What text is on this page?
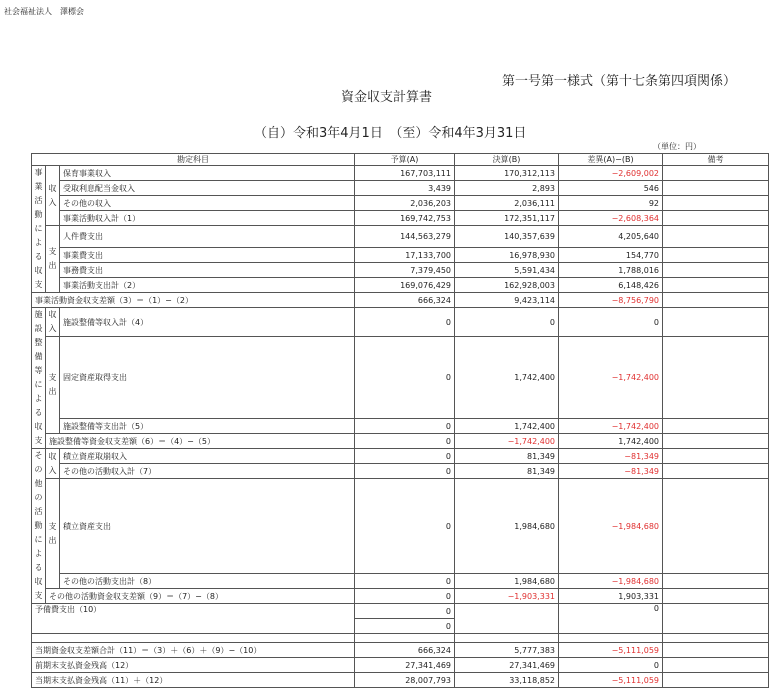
社会福祉法人　澤標会
第一号第一様式（第十七条第四項関係）
資金収支計算書
（自）令和3年4月1日　（至）令和4年3月31日
（単位：円）
勘定科目			予算(A)	決算(B)	差異(A)−(B)	備考
事業活動による収支	収入	保育事業収入	167,703,111	170,312,113	−2,609,002	
		受取利息配当金収入	3,439	2,893	546	
		その他の収入	2,036,203	2,036,111	92	
		事業活動収入計（1）	169,742,753	172,351,117	−2,608,364	
	支出	人件費支出	144,563,279	140,357,639	4,205,640	
		事業費支出	17,133,700	16,978,930	154,770	
		事務費支出	7,379,450	5,591,434	1,788,016	
		事業活動支出計（2）	169,076,429	162,928,003	6,148,426	
事業活動資金収支差額（3）＝（1）−（2）			666,324	9,423,114	−8,756,790	
施設整備等による収支	収入	施設整備等収入計（4）	0	0	0	
	支出	固定資産取得支出	0	1,742,400	−1,742,400	
		施設整備等支出計（5）	0	1,742,400	−1,742,400	
	施設整備等資金収支差額（6）＝（4）−（5）		0	−1,742,400	1,742,400	
その他の活動による収支	収入	積立資産取崩収入	0	81,349	−81,349	
		その他の活動収入計（7）	0	81,349	−81,349	
	支出	積立資産支出	0	1,984,680	−1,984,680	
		その他の活動支出計（8）	0	1,984,680	−1,984,680	
	その他の活動資金収支差額（9）＝（7）−（8）		0	−1,903,331	1,903,331	
予備費支出（10）			0		0	
			0			

当期資金収支差額合計（11）＝（3）＋（6）＋（9）−（10）			666,324	5,777,383	−5,111,059	
前期末支払資金残高（12）			27,341,469	27,341,469	0	
当期末支払資金残高（11）＋（12）			28,007,793	33,118,852	−5,111,059	
